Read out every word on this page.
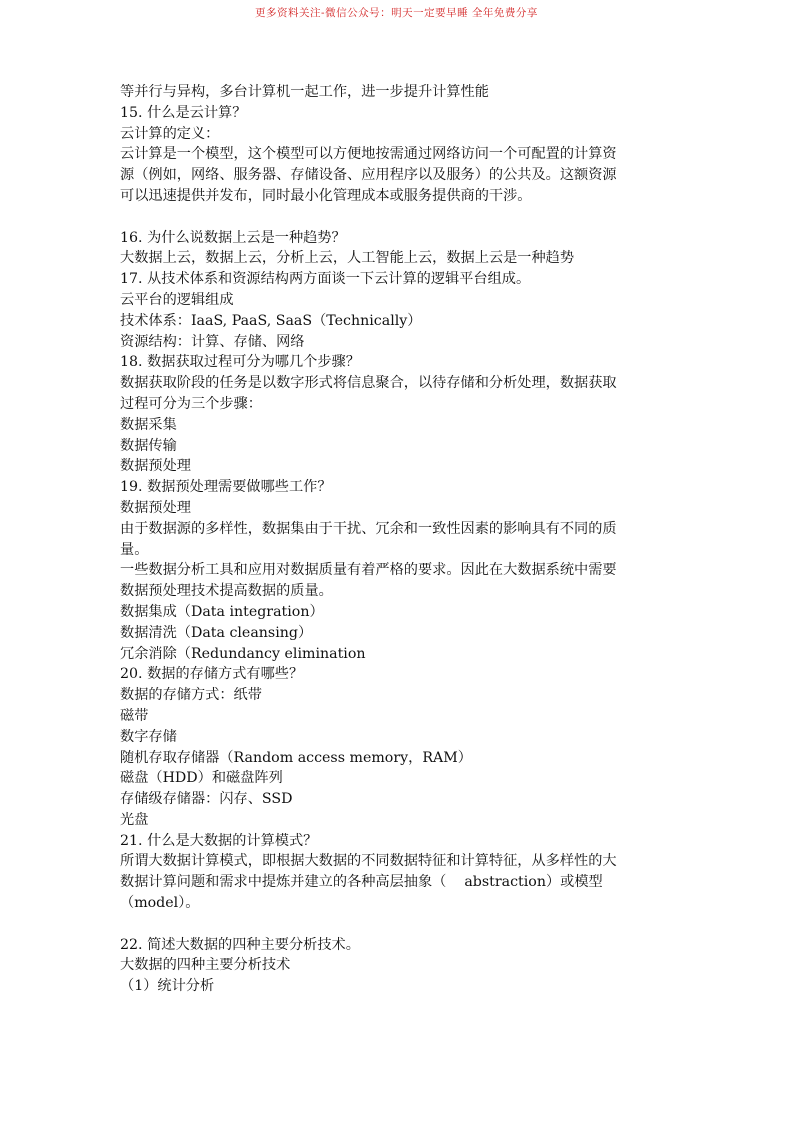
更多资料关注-微信公众号：明天一定要早睡 全年免费分享
等并行与异构，多台计算机一起工作，进一步提升计算性能
15. 什么是云计算？
云计算的定义：
云计算是一个模型，这个模型可以方便地按需通过网络访问一个可配置的计算资
源（例如，网络、服务器、存储设备、应用程序以及服务）的公共及。这额资源
可以迅速提供并发布，同时最小化管理成本或服务提供商的干涉。
16. 为什么说数据上云是一种趋势？
大数据上云，数据上云，分析上云，人工智能上云，数据上云是一种趋势
17. 从技术体系和资源结构两方面谈一下云计算的逻辑平台组成。
云平台的逻辑组成
技术体系：IaaS, PaaS, SaaS（Technically）
资源结构：计算、存储、网络
18. 数据获取过程可分为哪几个步骤？
数据获取阶段的任务是以数字形式将信息聚合，以待存储和分析处理，数据获取
过程可分为三个步骤：
数据采集
数据传输
数据预处理
19. 数据预处理需要做哪些工作？
数据预处理
由于数据源的多样性，数据集由于干扰、冗余和一致性因素的影响具有不同的质
量。
一些数据分析工具和应用对数据质量有着严格的要求。因此在大数据系统中需要
数据预处理技术提高数据的质量。
数据集成（Data integration）
数据清洗（Data cleansing）
冗余消除（Redundancy elimination
20. 数据的存储方式有哪些？
数据的存储方式：纸带
磁带
数字存储
随机存取存储器（Random access memory，RAM）
磁盘（HDD）和磁盘阵列
存储级存储器：闪存、SSD
光盘
21. 什么是大数据的计算模式？
所谓大数据计算模式，即根据大数据的不同数据特征和计算特征，从多样性的大
数据计算问题和需求中提炼并建立的各种高层抽象（    abstraction）或模型
（model）。
22. 简述大数据的四种主要分析技术。
大数据的四种主要分析技术
（1）统计分析
